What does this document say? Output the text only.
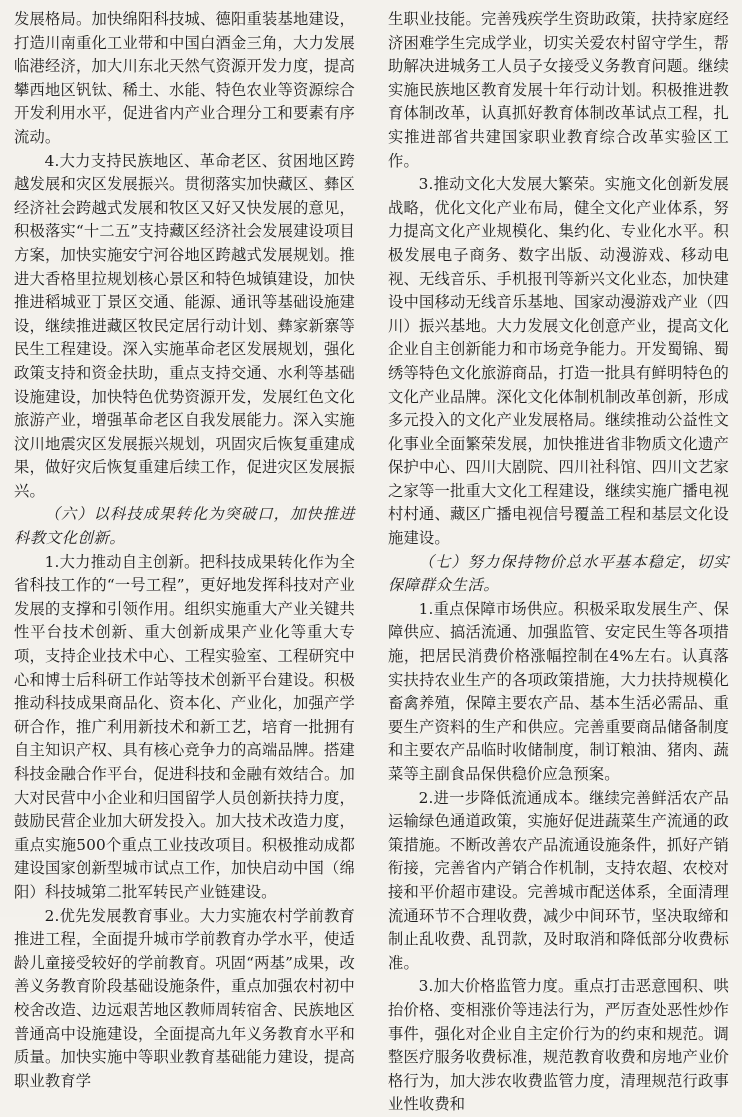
发展格局。加快绵阳科技城、德阳重装基地建设，打造川南重化工业带和中国白酒金三角，大力发展临港经济，加大川东北天然气资源开发力度，提高攀西地区钒钛、稀土、水能、特色农业等资源综合开发利用水平，促进省内产业合理分工和要素有序流动。

4.大力支持民族地区、革命老区、贫困地区跨越发展和灾区发展振兴。贯彻落实加快藏区、彝区经济社会跨越式发展和牧区又好又快发展的意见，积极落实“十二五”支持藏区经济社会发展建设项目方案，加快实施安宁河谷地区跨越式发展规划。推进大香格里拉规划核心景区和特色城镇建设，加快推进稻城亚丁景区交通、能源、通讯等基础设施建设，继续推进藏区牧民定居行动计划、彝家新寨等民生工程建设。深入实施革命老区发展规划，强化政策支持和资金扶助，重点支持交通、水利等基础设施建设，加快特色优势资源开发，发展红色文化旅游产业，增强革命老区自我发展能力。深入实施汶川地震灾区发展振兴规划，巩固灾后恢复重建成果，做好灾后恢复重建后续工作，促进灾区发展振兴。

（六）以科技成果转化为突破口，加快推进科教文化创新。

1.大力推动自主创新。把科技成果转化作为全省科技工作的“一号工程”，更好地发挥科技对产业发展的支撑和引领作用。组织实施重大产业关键共性平台技术创新、重大创新成果产业化等重大专项，支持企业技术中心、工程实验室、工程研究中心和博士后科研工作站等技术创新平台建设。积极推动科技成果商品化、资本化、产业化，加强产学研合作，推广利用新技术和新工艺，培育一批拥有自主知识产权、具有核心竞争力的高端品牌。搭建科技金融合作平台，促进科技和金融有效结合。加大对民营中小企业和归国留学人员创新扶持力度，鼓励民营企业加大研发投入。加大技术改造力度，重点实施500个重点工业技改项目。积极推动成都建设国家创新型城市试点工作，加快启动中国（绵阳）科技城第二批军转民产业链建设。

2.优先发展教育事业。大力实施农村学前教育推进工程，全面提升城市学前教育办学水平，使适龄儿童接受较好的学前教育。巩固“两基”成果，改善义务教育阶段基础设施条件，重点加强农村初中校舍改造、边远艰苦地区教师周转宿舍、民族地区普通高中设施建设，全面提高九年义务教育水平和质量。加快实施中等职业教育基础能力建设，提高职业教育学

生职业技能。完善残疾学生资助政策，扶持家庭经济困难学生完成学业，切实关爱农村留守学生，帮助解决进城务工人员子女接受义务教育问题。继续实施民族地区教育发展十年行动计划。积极推进教育体制改革，认真抓好教育体制改革试点工程，扎实推进部省共建国家职业教育综合改革实验区工作。

3.推动文化大发展大繁荣。实施文化创新发展战略，优化文化产业布局，健全文化产业体系，努力提高文化产业规模化、集约化、专业化水平。积极发展电子商务、数字出版、动漫游戏、移动电视、无线音乐、手机报刊等新兴文化业态，加快建设中国移动无线音乐基地、国家动漫游戏产业（四川）振兴基地。大力发展文化创意产业，提高文化企业自主创新能力和市场竞争能力。开发蜀锦、蜀绣等特色文化旅游商品，打造一批具有鲜明特色的文化产业品牌。深化文化体制机制改革创新，形成多元投入的文化产业发展格局。继续推动公益性文化事业全面繁荣发展，加快推进省非物质文化遗产保护中心、四川大剧院、四川社科馆、四川文艺家之家等一批重大文化工程建设，继续实施广播电视村村通、藏区广播电视信号覆盖工程和基层文化设施建设。

（七）努力保持物价总水平基本稳定，切实保障群众生活。

1.重点保障市场供应。积极采取发展生产、保障供应、搞活流通、加强监管、安定民生等各项措施，把居民消费价格涨幅控制在4%左右。认真落实扶持农业生产的各项政策措施，大力扶持规模化畜禽养殖，保障主要农产品、基本生活必需品、重要生产资料的生产和供应。完善重要商品储备制度和主要农产品临时收储制度，制订粮油、猪肉、蔬菜等主副食品保供稳价应急预案。

2.进一步降低流通成本。继续完善鲜活农产品运输绿色通道政策，实施好促进蔬菜生产流通的政策措施。不断改善农产品流通设施条件，抓好产销衔接，完善省内产销合作机制，支持农超、农校对接和平价超市建设。完善城市配送体系，全面清理流通环节不合理收费，减少中间环节，坚决取缔和制止乱收费、乱罚款，及时取消和降低部分收费标准。

3.加大价格监管力度。重点打击恶意囤积、哄抬价格、变相涨价等违法行为，严厉查处恶性炒作事件，强化对企业自主定价行为的约束和规范。调整医疗服务收费标准，规范教育收费和房地产业价格行为，加大涉农收费监管力度，清理规范行政事业性收费和
